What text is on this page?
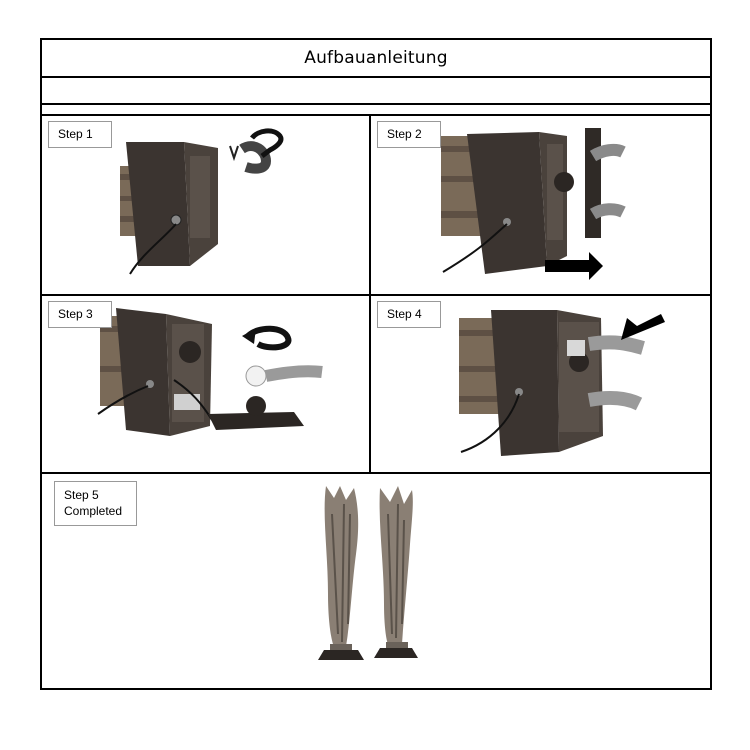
Aufbauanleitung
Step 1	Step 2
Step 3	Step 4
Step 5
Completed
